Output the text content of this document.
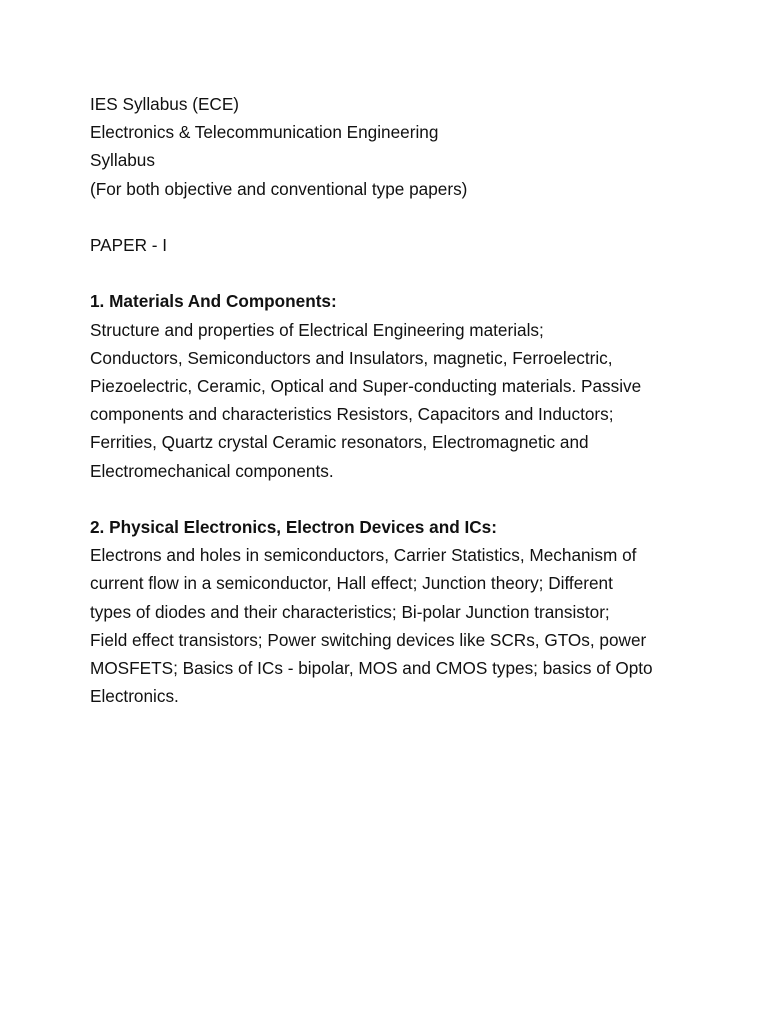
IES Syllabus (ECE)
Electronics & Telecommunication Engineering
Syllabus
(For both objective and conventional type papers)
PAPER - I
1. Materials And Components:
Structure and properties of Electrical Engineering materials;
Conductors, Semiconductors and Insulators, magnetic, Ferroelectric,
Piezoelectric, Ceramic, Optical and Super-conducting materials. Passive
components and characteristics Resistors, Capacitors and Inductors;
Ferrities, Quartz crystal Ceramic resonators, Electromagnetic and
Electromechanical components.
2. Physical Electronics, Electron Devices and ICs:
Electrons and holes in semiconductors, Carrier Statistics, Mechanism of
current flow in a semiconductor, Hall effect; Junction theory; Different
types of diodes and their characteristics; Bi-polar Junction transistor;
Field effect transistors; Power switching devices like SCRs, GTOs, power
MOSFETS; Basics of ICs - bipolar, MOS and CMOS types; basics of Opto
Electronics.
